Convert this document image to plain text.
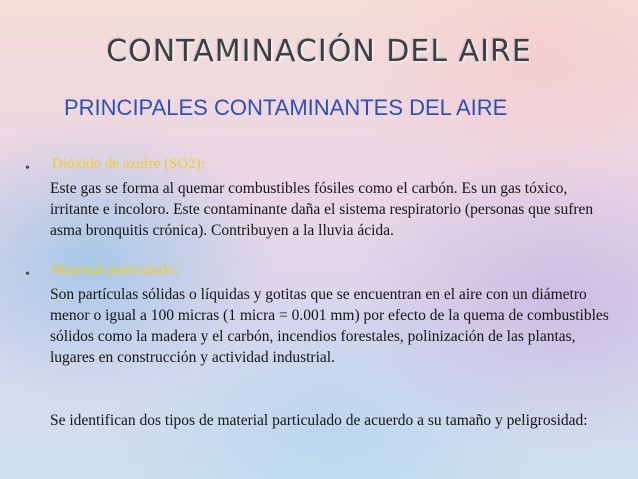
CONTAMINACIÓN DEL AIRE
PRINCIPALES CONTAMINANTES DEL AIRE
• Dióxido de azufre (SO2):
Este gas se forma al quemar combustibles fósiles como el carbón. Es un gas tóxico, irritante e incoloro. Este contaminante daña el sistema respiratorio (personas que sufren asma bronquitis crónica). Contribuyen a la lluvia ácida.
• Material particulado:
Son partículas sólidas o líquidas y gotitas que se encuentran en el aire con un diámetro menor o igual a 100 micras (1 micra = 0.001 mm) por efecto de la quema de combustibles sólidos como la madera y el carbón, incendios forestales, polinización de las plantas, lugares en construcción y actividad industrial.
Se identifican dos tipos de material particulado de acuerdo a su tamaño y peligrosidad:
